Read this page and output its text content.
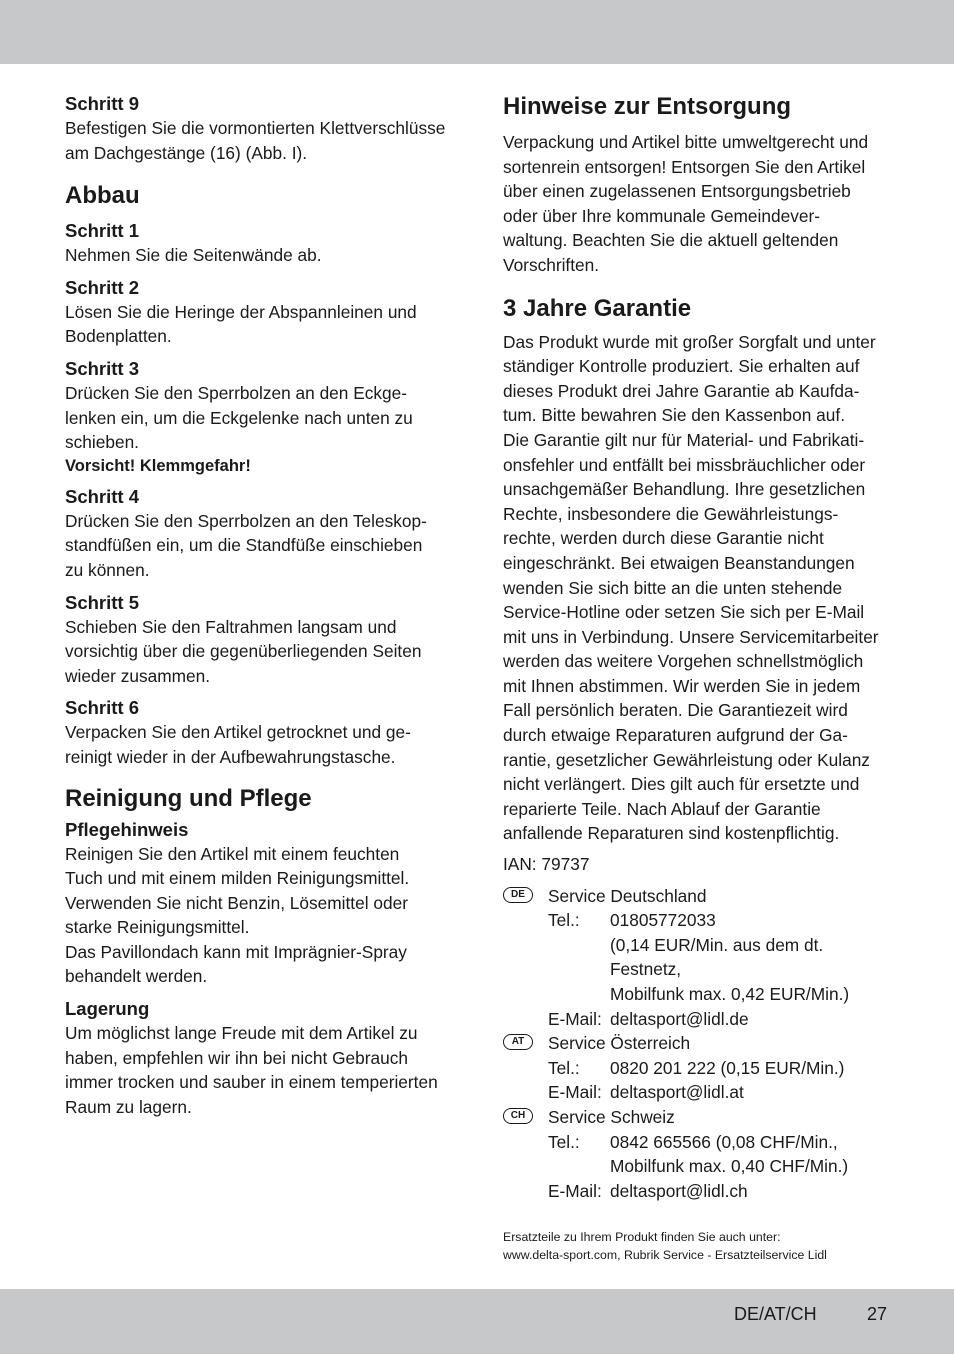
Schritt 9

Befestigen Sie die vormontierten Klettverschlüsse

am Dachgestänge (16) (Abb. I).

Abbau

Schritt 1

Nehmen Sie die Seitenwände ab.

Schritt 2

Lösen Sie die Heringe der Abspannleinen und

Bodenplatten.

Schritt 3

Drücken Sie den Sperrbolzen an den Eckge-

lenken ein, um die Eckgelenke nach unten zu

schieben.

Vorsicht! Klemmgefahr!

Schritt 4

Drücken Sie den Sperrbolzen an den Teleskop-

standfüßen ein, um die Standfüße einschieben

zu können.

Schritt 5

Schieben Sie den Faltrahmen langsam und

vorsichtig über die gegenüberliegenden Seiten

wieder zusammen.

Schritt 6

Verpacken Sie den Artikel getrocknet und ge-

reinigt wieder in der Aufbewahrungstasche.

Reinigung und Pflege

Pflegehinweis

Reinigen Sie den Artikel mit einem feuchten

Tuch und mit einem milden Reinigungsmittel.

Verwenden Sie nicht Benzin, Lösemittel oder

starke Reinigungsmittel.

Das Pavillondach kann mit Imprägnier-Spray

behandelt werden.

Lagerung

Um möglichst lange Freude mit dem Artikel zu

haben, empfehlen wir ihn bei nicht Gebrauch

immer trocken und sauber in einem temperierten

Raum zu lagern.

Hinweise zur Entsorgung

Verpackung und Artikel bitte umweltgerecht und

sortenrein entsorgen! Entsorgen Sie den Artikel

über einen zugelassenen Entsorgungsbetrieb

oder über Ihre kommunale Gemeindever-

waltung. Beachten Sie die aktuell geltenden

Vorschriften.

3 Jahre Garantie

Das Produkt wurde mit großer Sorgfalt und unter

ständiger Kontrolle produziert. Sie erhalten auf

dieses Produkt drei Jahre Garantie ab Kaufda-

tum. Bitte bewahren Sie den Kassenbon auf.

Die Garantie gilt nur für Material- und Fabrikati-

onsfehler und entfällt bei missbräuchlicher oder

unsachgemäßer Behandlung. Ihre gesetzlichen

Rechte, insbesondere die Gewährleistungs-

rechte, werden durch diese Garantie nicht

eingeschränkt. Bei etwaigen Beanstandungen

wenden Sie sich bitte an die unten stehende

Service-Hotline oder setzen Sie sich per E-Mail

mit uns in Verbindung. Unsere Servicemitarbeiter

werden das weitere Vorgehen schnellstmöglich

mit Ihnen abstimmen. Wir werden Sie in jedem

Fall persönlich beraten. Die Garantiezeit wird

durch etwaige Reparaturen aufgrund der Ga-

rantie, gesetzlicher Gewährleistung oder Kulanz

nicht verlängert. Dies gilt auch für ersetzte und

reparierte Teile. Nach Ablauf der Garantie

anfallende Reparaturen sind kostenpflichtig.

IAN: 79737

DE	Service Deutschland
Tel.: 01805772033
(0,14 EUR/Min. aus dem dt.
Festnetz,
Mobilfunk max. 0,42 EUR/Min.)
E-Mail: deltasport@lidl.de
AT	Service Österreich
Tel.: 0820 201 222 (0,15 EUR/Min.)
E-Mail: deltasport@lidl.at
CH	Service Schweiz
Tel.: 0842 665566 (0,08 CHF/Min.,
Mobilfunk max. 0,40 CHF/Min.)
E-Mail: deltasport@lidl.ch

Ersatzteile zu Ihrem Produkt finden Sie auch unter:

www.delta-sport.com, Rubrik Service - Ersatzteilservice Lidl

DE/AT/CH	27
